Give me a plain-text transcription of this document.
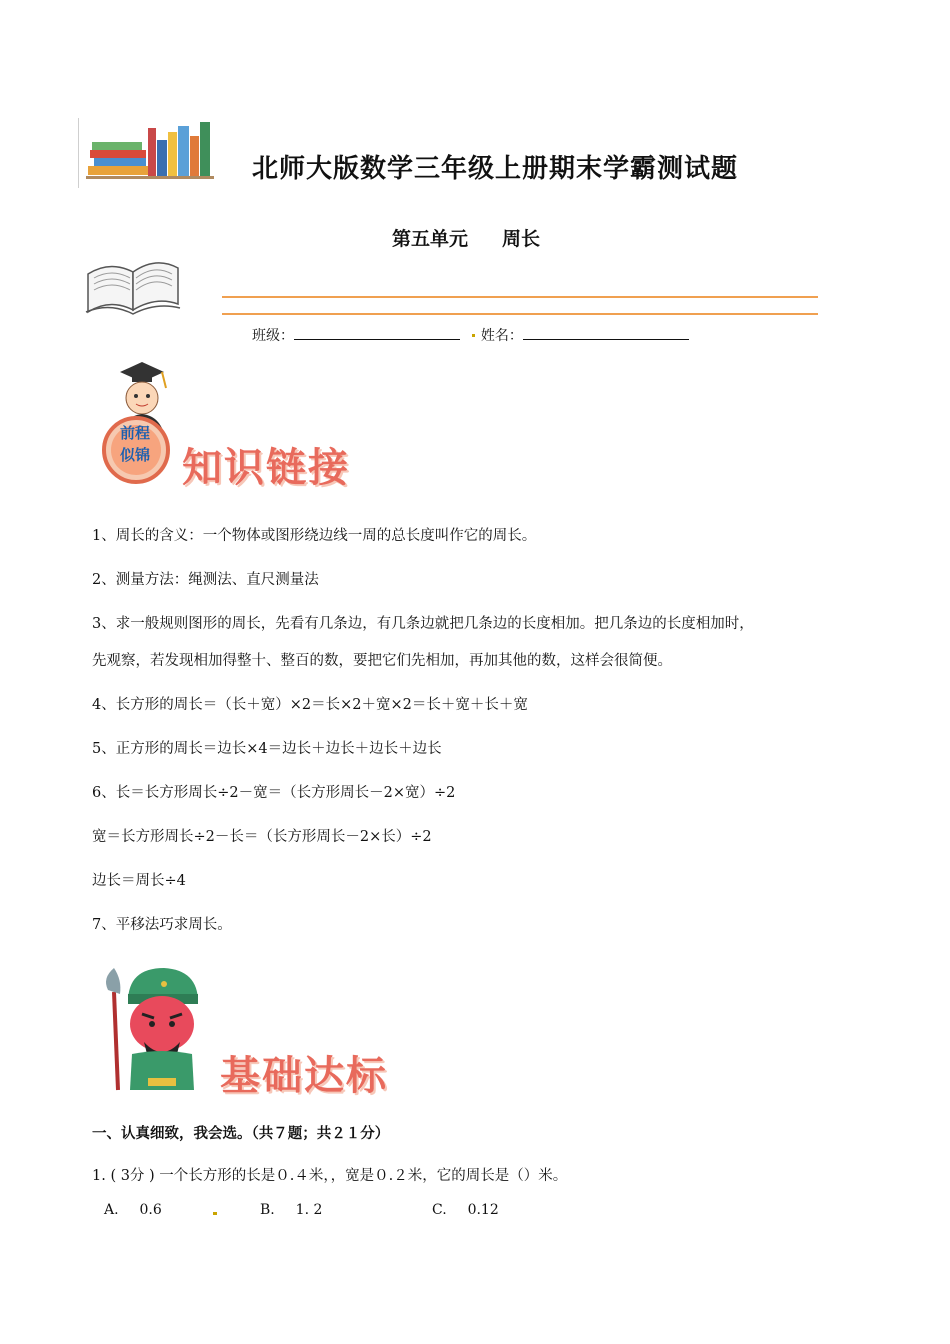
北师大版数学三年级上册期末学霸测试题
第五单元 周长
班级：	姓名：
前程
似锦 知识链接
1、周长的含义：一个物体或图形绕边线一周的总长度叫作它的周长。
2、测量方法：绳测法、直尺测量法
3、求一般规则图形的周长，先看有几条边，有几条边就把几条边的长度相加。把几条边的长度相加时，
先观察，若发现相加得整十、整百的数，要把它们先相加，再加其他的数，这样会很简便。
4、长方形的周长＝（长＋宽）×2＝长×2＋宽×2＝长＋宽＋长＋宽
5、正方形的周长＝边长×4＝边长＋边长＋边长＋边长
6、长＝长方形周长÷2－宽＝（长方形周长－2×宽）÷2
宽＝长方形周长÷2－长＝（长方形周长－2×长）÷2
边长＝周长÷4
7、平移法巧求周长。
基础达标
一、认真细致，我会选。（共７题；共２１分）
1. ( 3分 ) 一个长方形的长是０.４米，，宽是０.２米，它的周长是（）米。
A. 0.6	B. 1. 2	C. 0.12
